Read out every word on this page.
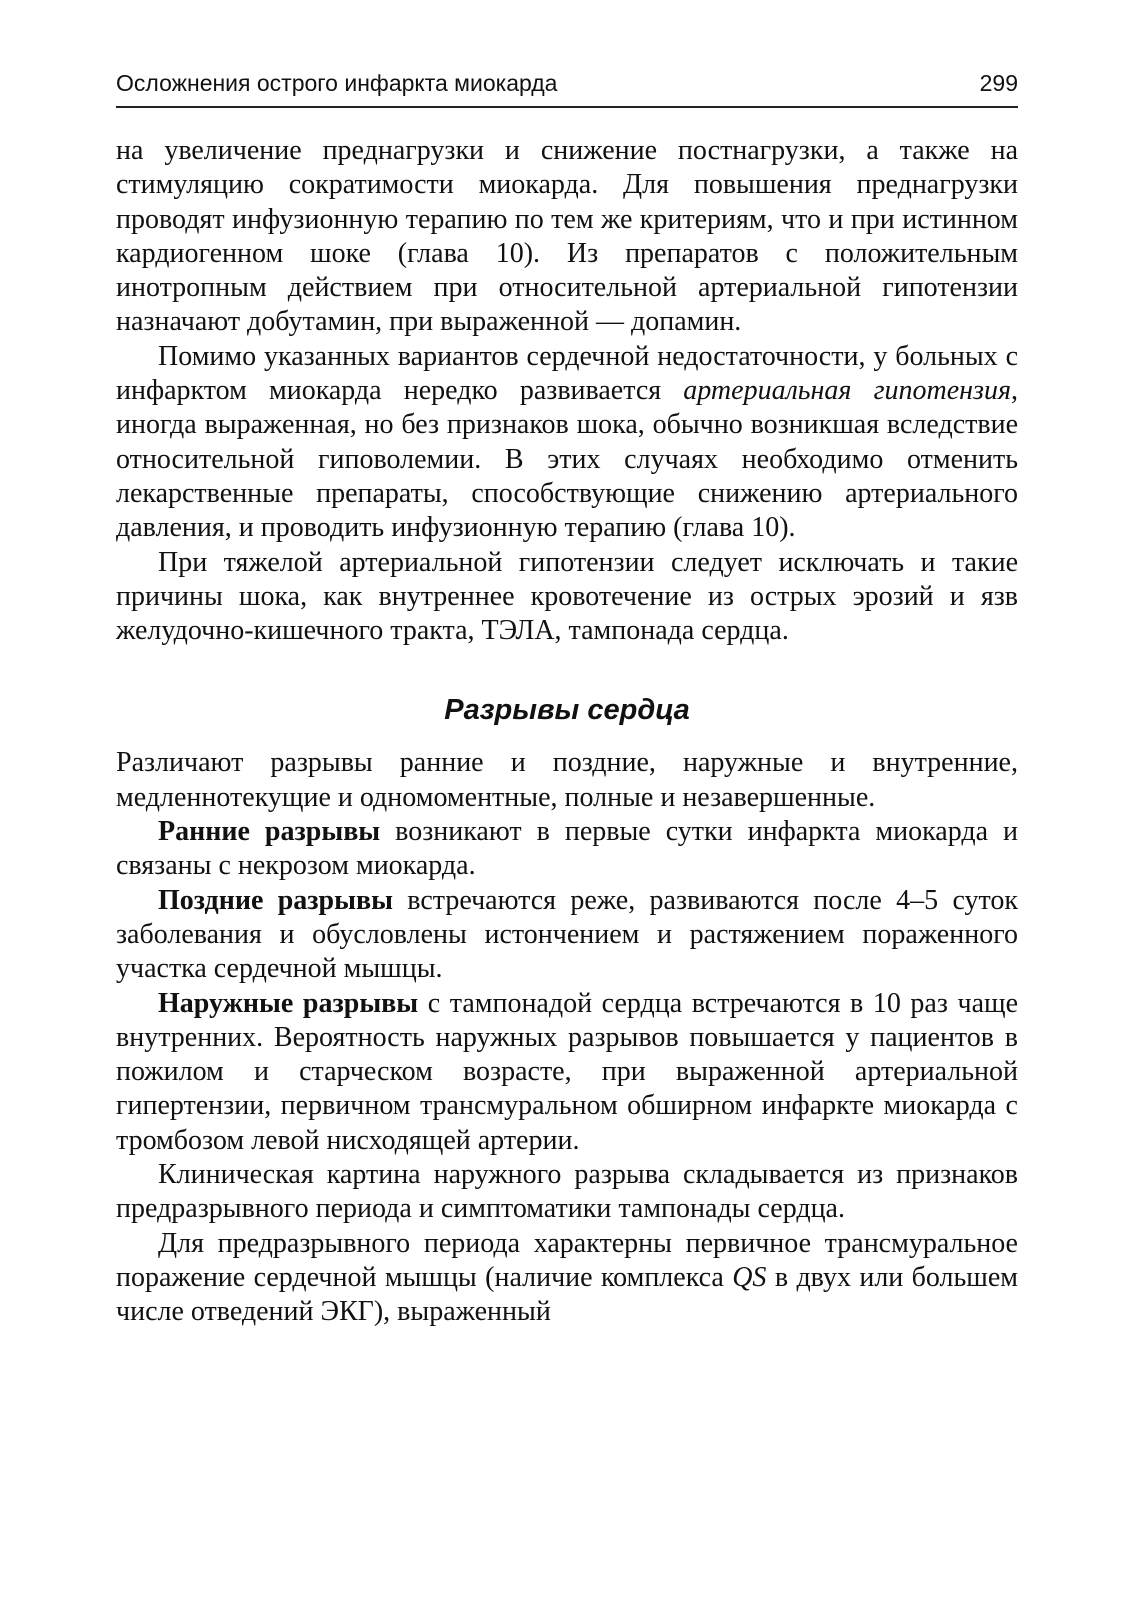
Осложнения острого инфаркта миокарда	299

на увеличение преднагрузки и снижение постнагрузки, а также на стимуляцию сократимости миокарда. Для повышения преднагрузки проводят инфузионную терапию по тем же критериям, что и при истинном кардиогенном шоке (глава 10). Из препаратов с положительным инотропным действием при относительной артериальной гипотензии назначают добутамин, при выраженной — допамин.

Помимо указанных вариантов сердечной недостаточности, у больных с инфарктом миокарда нередко развивается артериальная гипотензия, иногда выраженная, но без признаков шока, обычно возникшая вследствие относительной гиповолемии. В этих случаях необходимо отменить лекарственные препараты, способствующие снижению артериального давления, и проводить инфузионную терапию (глава 10).

При тяжелой артериальной гипотензии следует исключать и такие причины шока, как внутреннее кровотечение из острых эрозий и язв желудочно-кишечного тракта, ТЭЛА, тампонада сердца.

Разрывы сердца

Различают разрывы ранние и поздние, наружные и внутренние, медленнотекущие и одномоментные, полные и незавершенные.

Ранние разрывы возникают в первые сутки инфаркта миокарда и связаны с некрозом миокарда.

Поздние разрывы встречаются реже, развиваются после 4–5 суток заболевания и обусловлены истончением и растяжением пораженного участка сердечной мышцы.

Наружные разрывы с тампонадой сердца встречаются в 10 раз чаще внутренних. Вероятность наружных разрывов повышается у пациентов в пожилом и старческом возрасте, при выраженной артериальной гипертензии, первичном трансмуральном обширном инфаркте миокарда с тромбозом левой нисходящей артерии.

Клиническая картина наружного разрыва складывается из признаков предразрывного периода и симптоматики тампонады сердца.

Для предразрывного периода характерны первичное трансмуральное поражение сердечной мышцы (наличие комплекса QS в двух или большем числе отведений ЭКГ), выраженный
